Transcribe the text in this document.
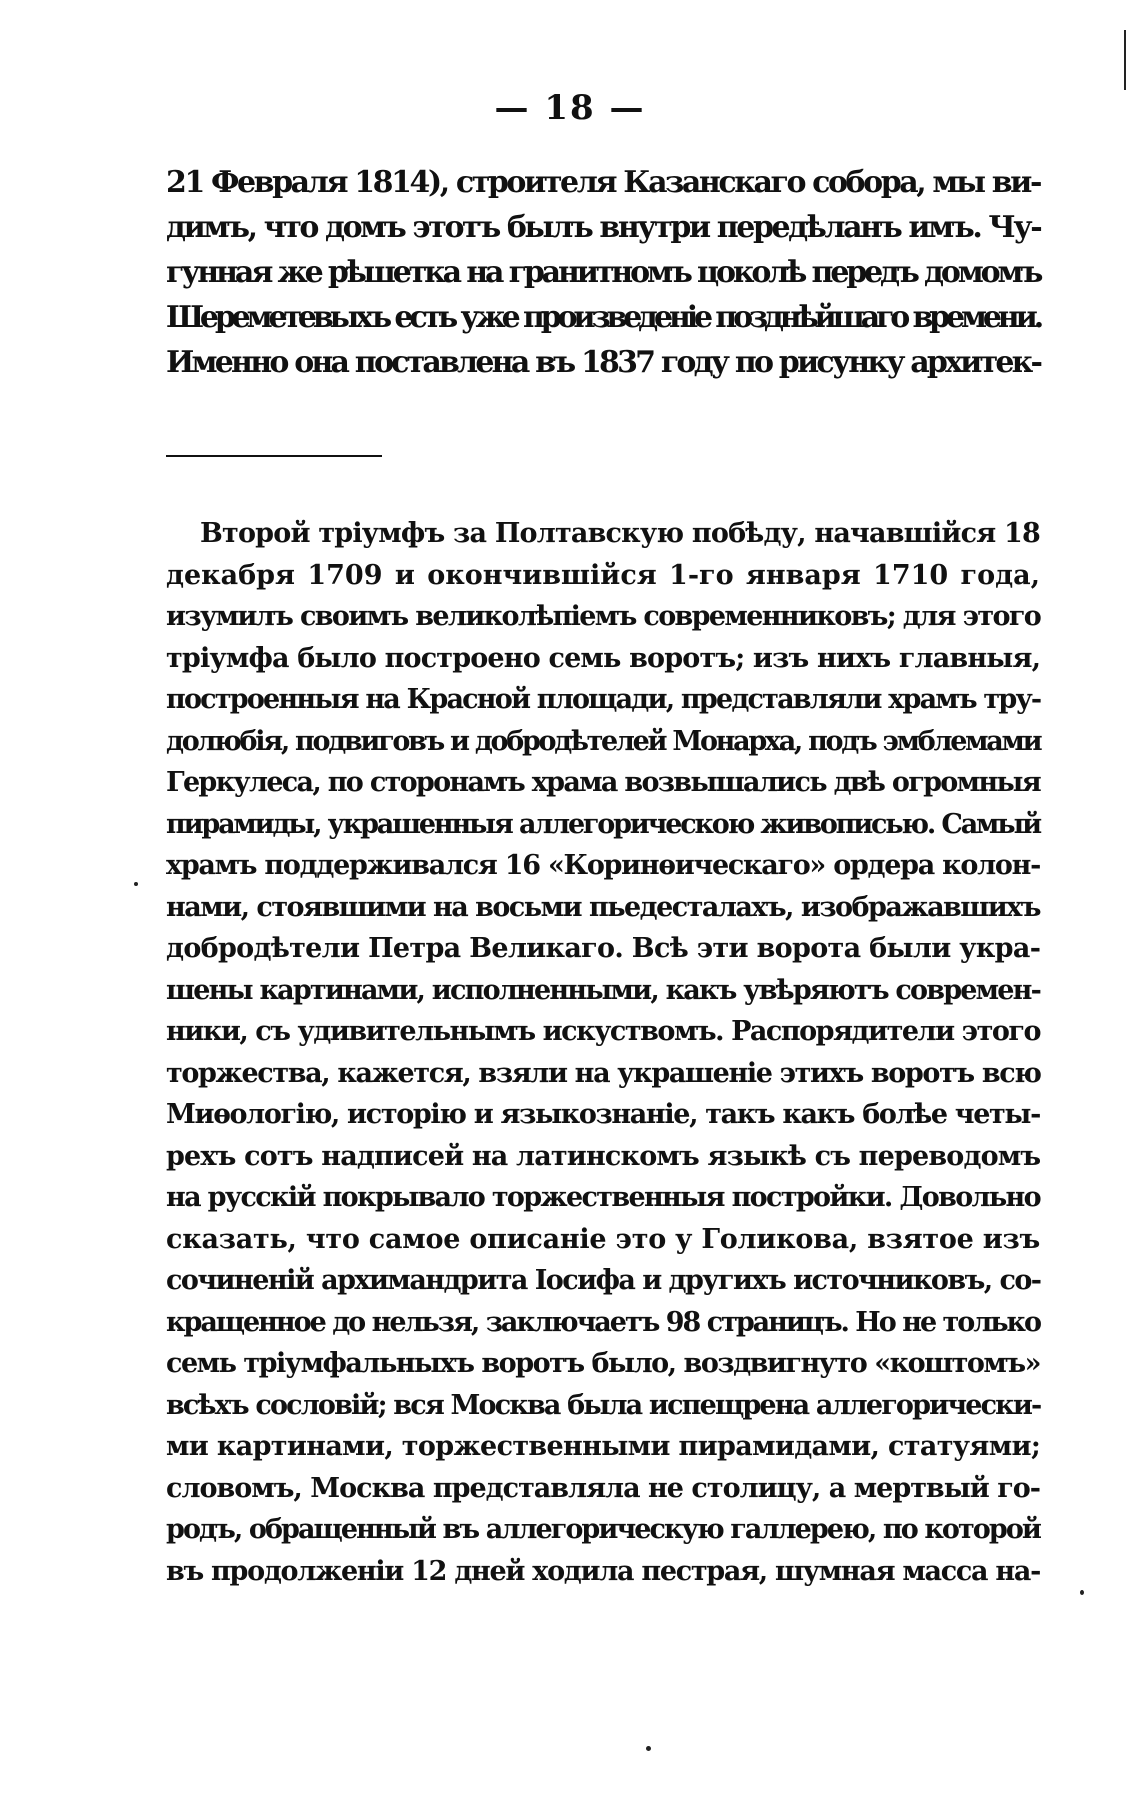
— 18 —
21 Февраля 1814), строителя Казанскаго собора, мы ви-
димъ, что домъ этотъ былъ внутри передѣланъ имъ. Чу-
гунная же рѣшетка на гранитномъ цоколѣ передъ домомъ
Шереметевыхъ есть уже произведеніе позднѣйшаго времени.
Именно она поставлена въ 1837 году по рисунку архитек-
Второй тріумфъ за Полтавскую побѣду, начавшійся 18
декабря 1709 и окончившійся 1-го января 1710 года,
изумилъ своимъ великолѣпіемъ современниковъ; для этого
тріумфа было построено семь воротъ; изъ нихъ главныя,
построенныя на Красной площади, представляли храмъ тру-
долюбія, подвиговъ и добродѣтелей Монарха, подъ эмблемами
Геркулеса, по сторонамъ храма возвышались двѣ огромныя
пирамиды, украшенныя аллегорическою живописью. Самый
храмъ поддерживался 16 «Коринѳическаго» ордера колон-
нами, стоявшими на восьми пьедесталахъ, изображавшихъ
добродѣтели Петра Великаго. Всѣ эти ворота были укра-
шены картинами, исполненными, какъ увѣряютъ современ-
ники, съ удивительнымъ искуствомъ. Распорядители этого
торжества, кажется, взяли на украшеніе этихъ воротъ всю
Миѳологію, исторію и языкознаніе, такъ какъ болѣе четы-
рехъ сотъ надписей на латинскомъ языкѣ съ переводомъ
на русскій покрывало торжественныя постройки. Довольно
сказать, что самое описаніе это у Голикова, взятое изъ
сочиненій архимандрита Іосифа и другихъ источниковъ, со-
кращенное до нельзя, заключаетъ 98 страницъ. Но не только
семь тріумфальныхъ воротъ было, воздвигнуто «коштомъ»
всѣхъ сословій; вся Москва была испещрена аллегорически-
ми картинами, торжественными пирамидами, статуями;
словомъ, Москва представляла не столицу, а мертвый го-
родъ, обращенный въ аллегорическую галлерею, по которой
въ продолженіи 12 дней ходила пестрая, шумная масса на-
